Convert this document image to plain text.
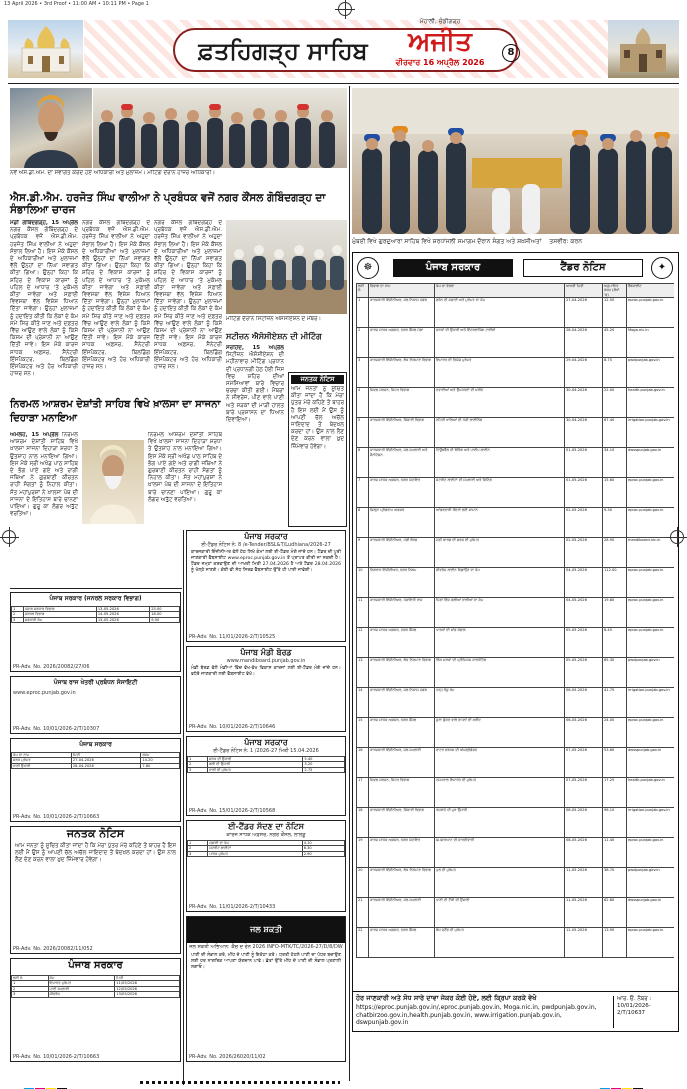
13 April 2026 • 3rd Proof • 11:00 AM • 10:11 PM • Page 1
ਫ਼ਤਹਿਗੜ੍ਹ ਸਾਹਿਬ	ਅਜੀਤ
ਮੋਹਾਲੀ, ਚੰਡੀਗੜ੍ਹ
ਵੀਰਵਾਰ 16 ਅਪ੍ਰੈਲ 2026
8
ਨਵੇਂ ਐਸ.ਡੀ.ਐਮ. ਦਾ ਸਵਾਗਤ ਕਰਦੇ ਹੋਏ ਅਧਿਕਾਰੀ ਅਤੇ ਮੁਲਾਜ਼ਮ। ਮੀਟਿੰਗ ਦੌਰਾਨ ਹਾਜ਼ਰ ਅਧਿਕਾਰੀ।
ਐਸ.ਡੀ.ਐਮ. ਹਰਜੋਤ ਸਿੰਘ ਵਾਲੀਆ ਨੇ ਪ੍ਰਬੰਧਕ ਵਜੋਂ ਨਗਰ ਕੌਂਸਲ ਗੋਬਿੰਦਗੜ੍ਹ ਦਾ ਸੰਭਾਲਿਆ ਚਾਰਜ
ਮੰਡੀ ਗੋਬਿੰਦਗੜ੍ਹ, 15 ਅਪ੍ਰੈਲ ਨਗਰ ਕੌਂਸਲ ਗੋਬਿੰਦਗੜ੍ਹ ਦੇ ਪ੍ਰਬੰਧਕ ਵਜੋਂ ਐਸ.ਡੀ.ਐਮ. ਹਰਜੋਤ ਸਿੰਘ ਵਾਲੀਆ ਨੇ ਅਹੁਦਾ ਸੰਭਾਲ ਲਿਆ ਹੈ। ਇਸ ਮੌਕੇ ਕੌਂਸਲ ਦੇ ਅਧਿਕਾਰੀਆਂ ਅਤੇ ਮੁਲਾਜ਼ਮਾਂ ਵੱਲੋਂ ਉਨ੍ਹਾਂ ਦਾ ਨਿੱਘਾ ਸਵਾਗਤ ਕੀਤਾ ਗਿਆ। ਉਨ੍ਹਾਂ ਕਿਹਾ ਕਿ ਸ਼ਹਿਰ ਦੇ ਵਿਕਾਸ ਕਾਰਜਾਂ ਨੂੰ ਪਹਿਲ ਦੇ ਆਧਾਰ 'ਤੇ ਮੁਕੰਮਲ ਕੀਤਾ ਜਾਵੇਗਾ ਅਤੇ ਸਫ਼ਾਈ ਵਿਵਸਥਾ ਵੱਲ ਵਿਸ਼ੇਸ਼ ਧਿਆਨ ਦਿੱਤਾ ਜਾਵੇਗਾ। ਉਨ੍ਹਾਂ ਮੁਲਾਜ਼ਮਾਂ ਨੂੰ ਹਦਾਇਤ ਕੀਤੀ ਕਿ ਲੋਕਾਂ ਦੇ ਕੰਮ ਸਮੇਂ ਸਿਰ ਕੀਤੇ ਜਾਣ ਅਤੇ ਦਫ਼ਤਰ ਵਿੱਚ ਆਉਣ ਵਾਲੇ ਲੋਕਾਂ ਨੂੰ ਕਿਸੇ ਕਿਸਮ ਦੀ ਪ੍ਰੇਸ਼ਾਨੀ ਨਾ ਆਉਣ ਦਿੱਤੀ ਜਾਵੇ। ਇਸ ਮੌਕੇ ਕਾਰਜ ਸਾਧਕ ਅਫ਼ਸਰ, ਸੈਨੇਟਰੀ ਇੰਸਪੈਕਟਰ, ਬਿਲਡਿੰਗ ਇੰਸਪੈਕਟਰ ਅਤੇ ਹੋਰ ਅਧਿਕਾਰੀ ਹਾਜ਼ਰ ਸਨ।
ਨਗਰ ਕੌਂਸਲ ਗੋਬਿੰਦਗੜ੍ਹ ਦੇ ਪ੍ਰਬੰਧਕ ਵਜੋਂ ਐਸ.ਡੀ.ਐਮ. ਹਰਜੋਤ ਸਿੰਘ ਵਾਲੀਆ ਨੇ ਅਹੁਦਾ ਸੰਭਾਲ ਲਿਆ ਹੈ। ਇਸ ਮੌਕੇ ਕੌਂਸਲ ਦੇ ਅਧਿਕਾਰੀਆਂ ਅਤੇ ਮੁਲਾਜ਼ਮਾਂ ਵੱਲੋਂ ਉਨ੍ਹਾਂ ਦਾ ਨਿੱਘਾ ਸਵਾਗਤ ਕੀਤਾ ਗਿਆ। ਉਨ੍ਹਾਂ ਕਿਹਾ ਕਿ ਸ਼ਹਿਰ ਦੇ ਵਿਕਾਸ ਕਾਰਜਾਂ ਨੂੰ ਪਹਿਲ ਦੇ ਆਧਾਰ 'ਤੇ ਮੁਕੰਮਲ ਕੀਤਾ ਜਾਵੇਗਾ ਅਤੇ ਸਫ਼ਾਈ ਵਿਵਸਥਾ ਵੱਲ ਵਿਸ਼ੇਸ਼ ਧਿਆਨ ਦਿੱਤਾ ਜਾਵੇਗਾ। ਉਨ੍ਹਾਂ ਮੁਲਾਜ਼ਮਾਂ ਨੂੰ ਹਦਾਇਤ ਕੀਤੀ ਕਿ ਲੋਕਾਂ ਦੇ ਕੰਮ ਸਮੇਂ ਸਿਰ ਕੀਤੇ ਜਾਣ ਅਤੇ ਦਫ਼ਤਰ ਵਿੱਚ ਆਉਣ ਵਾਲੇ ਲੋਕਾਂ ਨੂੰ ਕਿਸੇ ਕਿਸਮ ਦੀ ਪ੍ਰੇਸ਼ਾਨੀ ਨਾ ਆਉਣ ਦਿੱਤੀ ਜਾਵੇ। ਇਸ ਮੌਕੇ ਕਾਰਜ ਸਾਧਕ ਅਫ਼ਸਰ, ਸੈਨੇਟਰੀ ਇੰਸਪੈਕਟਰ, ਬਿਲਡਿੰਗ ਇੰਸਪੈਕਟਰ ਅਤੇ ਹੋਰ ਅਧਿਕਾਰੀ ਹਾਜ਼ਰ ਸਨ।
ਨਗਰ ਕੌਂਸਲ ਗੋਬਿੰਦਗੜ੍ਹ ਦੇ ਪ੍ਰਬੰਧਕ ਵਜੋਂ ਐਸ.ਡੀ.ਐਮ. ਹਰਜੋਤ ਸਿੰਘ ਵਾਲੀਆ ਨੇ ਅਹੁਦਾ ਸੰਭਾਲ ਲਿਆ ਹੈ। ਇਸ ਮੌਕੇ ਕੌਂਸਲ ਦੇ ਅਧਿਕਾਰੀਆਂ ਅਤੇ ਮੁਲਾਜ਼ਮਾਂ ਵੱਲੋਂ ਉਨ੍ਹਾਂ ਦਾ ਨਿੱਘਾ ਸਵਾਗਤ ਕੀਤਾ ਗਿਆ। ਉਨ੍ਹਾਂ ਕਿਹਾ ਕਿ ਸ਼ਹਿਰ ਦੇ ਵਿਕਾਸ ਕਾਰਜਾਂ ਨੂੰ ਪਹਿਲ ਦੇ ਆਧਾਰ 'ਤੇ ਮੁਕੰਮਲ ਕੀਤਾ ਜਾਵੇਗਾ ਅਤੇ ਸਫ਼ਾਈ ਵਿਵਸਥਾ ਵੱਲ ਵਿਸ਼ੇਸ਼ ਧਿਆਨ ਦਿੱਤਾ ਜਾਵੇਗਾ। ਉਨ੍ਹਾਂ ਮੁਲਾਜ਼ਮਾਂ ਨੂੰ ਹਦਾਇਤ ਕੀਤੀ ਕਿ ਲੋਕਾਂ ਦੇ ਕੰਮ ਸਮੇਂ ਸਿਰ ਕੀਤੇ ਜਾਣ ਅਤੇ ਦਫ਼ਤਰ ਵਿੱਚ ਆਉਣ ਵਾਲੇ ਲੋਕਾਂ ਨੂੰ ਕਿਸੇ ਕਿਸਮ ਦੀ ਪ੍ਰੇਸ਼ਾਨੀ ਨਾ ਆਉਣ ਦਿੱਤੀ ਜਾਵੇ। ਇਸ ਮੌਕੇ ਕਾਰਜ ਸਾਧਕ ਅਫ਼ਸਰ, ਸੈਨੇਟਰੀ ਇੰਸਪੈਕਟਰ, ਬਿਲਡਿੰਗ ਇੰਸਪੈਕਟਰ ਅਤੇ ਹੋਰ ਅਧਿਕਾਰੀ ਹਾਜ਼ਰ ਸਨ।
ਮੀਟਿੰਗ ਦੌਰਾਨ ਸਿਟੀਜ਼ਨ ਐਸੋਸੀਏਸ਼ਨ ਦੇ ਮੈਂਬਰ।
ਸਟੀਜ਼ਨ ਐਸੋਸੀਏਸ਼ਨ ਦੀ ਮੀਟਿੰਗ
ਸਰਹਿੰਦ, 15 ਅਪ੍ਰੈਲ ਸਿਟੀਜ਼ਨ ਐਸੋਸੀਏਸ਼ਨ ਦੀ ਮਹੀਨਾਵਾਰ ਮੀਟਿੰਗ ਪ੍ਰਧਾਨ ਦੀ ਪ੍ਰਧਾਨਗੀ ਹੇਠ ਹੋਈ ਜਿਸ ਵਿਚ ਸ਼ਹਿਰ ਦੀਆਂ ਸਮੱਸਿਆਵਾਂ ਬਾਰੇ ਵਿਚਾਰ ਚਰਚਾ ਕੀਤੀ ਗਈ। ਮੈਂਬਰਾਂ ਨੇ ਸੀਵਰੇਜ, ਪੀਣ ਵਾਲੇ ਪਾਣੀ ਅਤੇ ਸੜਕਾਂ ਦੀ ਮਾੜੀ ਹਾਲਤ ਬਾਰੇ ਪ੍ਰਸ਼ਾਸਨ ਦਾ ਧਿਆਨ ਦਿਵਾਇਆ।
ਜਨਤਕ ਨੋਟਿਸ
ਆਮ ਜਨਤਾ ਨੂੰ ਸੂਚਿਤ ਕੀਤਾ ਜਾਂਦਾ ਹੈ ਕਿ ਮੇਰਾ ਪੁੱਤਰ ਮੇਰੇ ਕਹਿਣੇ ਤੋਂ ਬਾਹਰ ਹੈ ਇਸ ਲਈ ਮੈਂ ਉਸ ਨੂੰ ਆਪਣੀ ਚੱਲ ਅਚੱਲ ਜਾਇਦਾਦ ਤੋਂ ਬੇਦਖ਼ਲ ਕਰਦਾ ਹਾਂ। ਉਸ ਨਾਲ ਲੈਣ ਦੇਣ ਕਰਨ ਵਾਲਾ ਖ਼ੁਦ ਜ਼ਿੰਮੇਵਾਰ ਹੋਵੇਗਾ।
ਨਿਰਮਲ ਆਸ਼ਰਮ ਦੇਸ਼ਾਂਤੀ ਸਾਹਿਬ ਵਿਖੇ ਖ਼ਾਲਸਾ ਦਾ ਸਾਜਨਾ ਦਿਹਾੜਾ ਮਨਾਇਆ
ਅਮਲੋਹ, 15 ਅਪ੍ਰੈਲ ਨਿਰਮਲ ਆਸ਼ਰਮ ਦੇਸ਼ਾਂਤੀ ਸਾਹਿਬ ਵਿਖੇ ਖ਼ਾਲਸਾ ਸਾਜਨਾ ਦਿਹਾੜਾ ਸ਼ਰਧਾ ਤੇ ਉਤਸ਼ਾਹ ਨਾਲ ਮਨਾਇਆ ਗਿਆ। ਇਸ ਮੌਕੇ ਸ੍ਰੀ ਅਖੰਡ ਪਾਠ ਸਾਹਿਬ ਦੇ ਭੋਗ ਪਾਏ ਗਏ ਅਤੇ ਰਾਗੀ ਜਥਿਆਂ ਨੇ ਗੁਰਬਾਣੀ ਕੀਰਤਨ ਰਾਹੀਂ ਸੰਗਤਾਂ ਨੂੰ ਨਿਹਾਲ ਕੀਤਾ। ਸੰਤ ਮਹਾਂਪੁਰਸ਼ਾਂ ਨੇ ਖ਼ਾਲਸਾ ਪੰਥ ਦੀ ਸਾਜਨਾ ਦੇ ਇਤਿਹਾਸ ਬਾਰੇ ਚਾਨਣਾ ਪਾਇਆ। ਗੁਰੂ ਕਾ ਲੰਗਰ ਅਤੁੱਟ ਵਰਤਿਆ।
ਨਿਰਮਲ ਆਸ਼ਰਮ ਦੇਸ਼ਾਂਤੀ ਸਾਹਿਬ ਵਿਖੇ ਖ਼ਾਲਸਾ ਸਾਜਨਾ ਦਿਹਾੜਾ ਸ਼ਰਧਾ ਤੇ ਉਤਸ਼ਾਹ ਨਾਲ ਮਨਾਇਆ ਗਿਆ। ਇਸ ਮੌਕੇ ਸ੍ਰੀ ਅਖੰਡ ਪਾਠ ਸਾਹਿਬ ਦੇ ਭੋਗ ਪਾਏ ਗਏ ਅਤੇ ਰਾਗੀ ਜਥਿਆਂ ਨੇ ਗੁਰਬਾਣੀ ਕੀਰਤਨ ਰਾਹੀਂ ਸੰਗਤਾਂ ਨੂੰ ਨਿਹਾਲ ਕੀਤਾ। ਸੰਤ ਮਹਾਂਪੁਰਸ਼ਾਂ ਨੇ ਖ਼ਾਲਸਾ ਪੰਥ ਦੀ ਸਾਜਨਾ ਦੇ ਇਤਿਹਾਸ ਬਾਰੇ ਚਾਨਣਾ ਪਾਇਆ। ਗੁਰੂ ਕਾ ਲੰਗਰ ਅਤੁੱਟ ਵਰਤਿਆ।
ਪੰਜਾਬ ਸਰਕਾਰ (ਜਨਰਲ ਸਰਕਾਰ ਵਿਭਾਗ)
1	ਪੰਜਾਬ ਸਰਕਾਰ ਵਿਭਾਗ	13-05-2026	25.00
2	ਜਨਰਲ ਵਿਭਾਗ	14-05-2026	18.00
3	ਸਰਕਾਰੀ ਕੰਮ	15-05-2026	9.50
PR-Adv. No. 2026/20082/27/06
ਪੰਜਾਬ ਰਾਜ ਖੇਤਰੀ ਪ੍ਰਬੰਧਨ ਸੋਸਾਇਟੀ
www.eproc.punjab.gov.in
PR-Adv. No. 10/01/2026-2/T/10307
ਪੰਜਾਬ ਸਰਕਾਰ
ਕੰਮ ਦਾ ਨਾਮ	ਮਿਤੀ	ਰਕਮ
ਸੜਕ ਮੁਰੰਮਤ	27-04-2026	14.20
ਨਾਲੀ ਉਸਾਰੀ	28-04-2026	7.80
PR-Adv. No. 10/01/2026-2/T/10663
ਜਨਤਕ ਨੋਟਿਸ
ਆਮ ਜਨਤਾ ਨੂੰ ਸੂਚਿਤ ਕੀਤਾ ਜਾਂਦਾ ਹੈ ਕਿ ਮੇਰਾ ਪੁੱਤਰ ਮੇਰੇ ਕਹਿਣੇ ਤੋਂ ਬਾਹਰ ਹੈ ਇਸ ਲਈ ਮੈਂ ਉਸ ਨੂੰ ਆਪਣੀ ਚੱਲ ਅਚੱਲ ਜਾਇਦਾਦ ਤੋਂ ਬੇਦਖ਼ਲ ਕਰਦਾ ਹਾਂ। ਉਸ ਨਾਲ ਲੈਣ ਦੇਣ ਕਰਨ ਵਾਲਾ ਖ਼ੁਦ ਜ਼ਿੰਮੇਵਾਰ ਹੋਵੇਗਾ।
PR-Adv. No. 2026/20082/11/052
ਪੰਜਾਬ ਸਰਕਾਰ
ਲੜੀ ਨੰ.	ਕੰਮ	ਮਿਤੀ
1	ਇਮਾਰਤ ਮੁਰੰਮਤ	11/05/2026
2	ਪਾਣੀ ਸਪਲਾਈ	12/05/2026
3	ਸੀਵਰੇਜ	13/05/2026
PR-Adv. No. 10/01/2026-2/T/10663
ਪੰਜਾਬ ਸਰਕਾਰ
ਈ-ਟੈਂਡਰ ਨੋਟਿਸ ਨੰ: 8 /e-Tender/BSL&T/Ludhiana/2026-27
ਕਾਰਜਕਾਰੀ ਇੰਜੀਨੀਅਰ ਵੱਲੋਂ ਹੇਠ ਲਿਖੇ ਕੰਮਾਂ ਲਈ ਈ-ਟੈਂਡਰ ਮੰਗੇ ਜਾਂਦੇ ਹਨ। ਟੈਂਡਰ ਦੀ ਪੂਰੀ ਜਾਣਕਾਰੀ ਵੈੱਬਸਾਈਟ www.eproc.punjab.gov.in ਤੋਂ ਪ੍ਰਾਪਤ ਕੀਤੀ ਜਾ ਸਕਦੀ ਹੈ। ਟੈਂਡਰ ਜਮ੍ਹਾਂ ਕਰਵਾਉਣ ਦੀ ਆਖਰੀ ਮਿਤੀ 27.04.2026 ਹੈ ਅਤੇ ਟੈਂਡਰ 28.04.2026 ਨੂੰ ਖੋਲ੍ਹੇ ਜਾਣਗੇ। ਕੋਈ ਵੀ ਸੋਧ ਸਿਰਫ਼ ਵੈੱਬਸਾਈਟ ਉੱਤੇ ਹੀ ਪਾਈ ਜਾਵੇਗੀ।
PR-Adv. No. 11/01/2026-2/T/10525
ਪੰਜਾਬ ਮੰਡੀ ਬੋਰਡ
www.mandiboard.punjab.gov.in
ਮੰਡੀ ਬੋਰਡ ਵੱਲੋਂ ਮੰਡੀਆਂ ਵਿੱਚ ਵੱਖ-ਵੱਖ ਵਿਕਾਸ ਕਾਰਜਾਂ ਲਈ ਈ-ਟੈਂਡਰ ਮੰਗੇ ਜਾਂਦੇ ਹਨ। ਵਧੇਰੇ ਜਾਣਕਾਰੀ ਲਈ ਵੈੱਬਸਾਈਟ ਵੇਖੋ।
PR-Adv. No. 10/01/2026-2/T/10646
ਪੰਜਾਬ ਸਰਕਾਰ
ਈ-ਟੈਂਡਰ ਨੋਟਿਸ ਨੰ: 1 /2026-27 ਮਿਤੀ 15.04.2026
1	ਸੜਕ ਦੀ ਉਸਾਰੀ	5.40
2	ਗਲੀ ਦੀ ਉਸਾਰੀ	3.20
3	ਨਾਲੀ ਦੀ ਮੁਰੰਮਤ	2.75
PR-Adv. No. 15/01/2026-2/T/10568
ਈ-ਟੈਂਡਰ ਸੱਦਣ ਦਾ ਨੋਟਿਸ
ਕਾਰਜ ਸਾਧਕ ਅਫ਼ਸਰ, ਨਗਰ ਕੌਂਸਲ, ਲਾਲੜੂ
1	ਸਫ਼ਾਈ ਦਾ ਕੰਮ	4.10
2	ਸਟਰੀਟ ਲਾਈਟਾਂ	6.30
3	ਪਾਰਕ ਮੁਰੰਮਤ	2.90
PR-Adv. No. 11/01/2026-2/T/10433
ਜਲ ਸ਼ਕਤੀ
ਜਲ ਸ਼ਕਤੀ ਅਭਿਆਨ: ਕੈਚ ਦ ਰੇਨ 2026 INFO-MTK/TC/2026-27/D/8/DW
ਪਾਣੀ ਦੀ ਸੰਭਾਲ ਕਰੋ, ਮੀਂਹ ਦੇ ਪਾਣੀ ਨੂੰ ਇਕੱਠਾ ਕਰੋ। ਧਰਤੀ ਹੇਠਲੇ ਪਾਣੀ ਦਾ ਪੱਧਰ ਬਚਾਉਣ ਲਈ ਹਰ ਨਾਗਰਿਕ ਆਪਣਾ ਯੋਗਦਾਨ ਪਾਵੇ। ਛੱਤਾਂ ਉੱਤੇ ਮੀਂਹ ਦੇ ਪਾਣੀ ਦੀ ਸੰਭਾਲ ਪ੍ਰਣਾਲੀ ਲਗਾਓ।
PR-Adv. No. 2026/26020/11/02
ਮੁੰਬਈ ਵਿਖੇ ਗੁਰਦੁਆਰਾ ਸਾਹਿਬ ਵਿਖੇ ਸ਼ਰਧਾਂਜਲੀ ਸਮਾਗਮ ਦੌਰਾਨ ਸੰਗਤ ਅਤੇ ਸ਼ਖ਼ਸੀਅਤਾਂ ਤਸਵੀਰ: ਕਰਨ
☸	ਪੰਜਾਬ ਸਰਕਾਰ	ਟੈਂਡਰ ਨੋਟਿਸ	✦
ਲੜੀ ਨੰ.	ਵਿਭਾਗ ਦਾ ਨਾਮ	ਕੰਮ ਦਾ ਵੇਰਵਾ	ਆਖਰੀ ਮਿਤੀ	ਅਨੁਮਾਨਿਤ ਰਕਮ (ਲੱਖਾਂ 'ਚ)	ਵੈੱਬਸਾਈਟ
1	ਕਾਰਜਕਾਰੀ ਇੰਜੀਨੀਅਰ, ਜਲ ਨਿਕਾਸ ਮੰਡਲ	ਡਰੇਨ ਦੀ ਸਫ਼ਾਈ ਅਤੇ ਮੁਰੰਮਤ ਦਾ ਕੰਮ	27-04-2026	12.50	eproc.punjab.gov.in
2	ਕਾਰਜ ਸਾਧਕ ਅਫ਼ਸਰ, ਨਗਰ ਕੌਂਸਲ ਮੋਗਾ	ਸੜਕਾਂ ਦੀ ਉਸਾਰੀ ਅਤੇ ਇੰਟਰਲਾਕਿੰਗ ਟਾਈਲਾਂ	28-04-2026	45.20	Moga.nic.in
3	ਕਾਰਜਕਾਰੀ ਇੰਜੀਨੀਅਰ, ਲੋਕ ਨਿਰਮਾਣ ਵਿਭਾਗ	ਇਮਾਰਤ ਦੀ ਵਿਸ਼ੇਸ਼ ਮੁਰੰਮਤ	29-04-2026	8.75	pwdpunjab.gov.in
4	ਸਿਵਲ ਸਰਜਨ, ਸਿਹਤ ਵਿਭਾਗ	ਦਵਾਈਆਂ ਅਤੇ ਉਪਕਰਣਾਂ ਦੀ ਖ਼ਰੀਦ	30-04-2026	22.00	health.punjab.gov.in
5	ਕਾਰਜਕਾਰੀ ਇੰਜੀਨੀਅਰ, ਸਿੰਚਾਈ ਵਿਭਾਗ	ਨਹਿਰੀ ਖਾਲਿਆਂ ਦੀ ਪੱਕੀ ਲਾਈਨਿੰਗ	30-04-2026	67.40	irrigation.punjab.gov.in
6	ਕਾਰਜਕਾਰੀ ਇੰਜੀਨੀਅਰ, ਜਲ ਸਪਲਾਈ ਅਤੇ ਸੈਨੀਟੇਸ਼ਨ	ਟਿਊਬਵੈੱਲ ਦੀ ਬੋਰਿੰਗ ਅਤੇ ਪਾਈਪ ਲਾਈਨ	01-05-2026	34.10	dwsspunjab.gov.in
7	ਕਾਰਜ ਸਾਧਕ ਅਫ਼ਸਰ, ਨਗਰ ਪੰਚਾਇਤ	ਸਟਰੀਟ ਲਾਈਟਾਂ ਦੀ ਸਪਲਾਈ ਅਤੇ ਫਿਟਿੰਗ	01-05-2026	15.60	eproc.punjab.gov.in
8	ਜ਼ਿਲ੍ਹਾ ਪ੍ਰੋਗਰਾਮ ਅਫ਼ਸਰ	ਆਂਗਣਵਾੜੀ ਕੇਂਦਰਾਂ ਲਈ ਸਾਮਾਨ	02-05-2026	9.30	eproc.punjab.gov.in
9	ਕਾਰਜਕਾਰੀ ਇੰਜੀਨੀਅਰ, ਮੰਡੀ ਬੋਰਡ	ਮੰਡੀ ਯਾਰਡ ਦੀ ਫ਼ਰਸ਼ ਦੀ ਮੁਰੰਮਤ	02-05-2026	28.90	mandiboard.nic.in
10	ਨਿਗਰਾਨ ਇੰਜੀਨੀਅਰ, ਨਗਰ ਨਿਗਮ	ਸੀਵਰੇਜ ਲਾਈਨ ਵਿਛਾਉਣ ਦਾ ਕੰਮ	04-05-2026	112.00	eproc.punjab.gov.in
11	ਕਾਰਜਕਾਰੀ ਇੰਜੀਨੀਅਰ, ਪੰਚਾਇਤੀ ਰਾਜ	ਪਿੰਡਾਂ ਵਿੱਚ ਗਲੀਆਂ ਨਾਲੀਆਂ ਦਾ ਕੰਮ	04-05-2026	19.80	eproc.punjab.gov.in
12	ਕਾਰਜ ਸਾਧਕ ਅਫ਼ਸਰ, ਨਗਰ ਕੌਂਸਲ	ਪਾਰਕਾਂ ਦੀ ਸਾਂਭ ਸੰਭਾਲ	05-05-2026	6.45	eproc.punjab.gov.in
13	ਕਾਰਜਕਾਰੀ ਇੰਜੀਨੀਅਰ, ਲੋਕ ਨਿਰਮਾਣ ਵਿਭਾਗ	ਲਿੰਕ ਸੜਕਾਂ ਦੀ ਪ੍ਰੀਮਿਕਸ ਕਾਰਪੈਟਿੰਗ	05-05-2026	85.30	pwdpunjab.gov.in
14	ਕਾਰਜਕਾਰੀ ਇੰਜੀਨੀਅਰ, ਜਲ ਨਿਕਾਸ ਮੰਡਲ	ਹੜ੍ਹ ਰੋਕੂ ਕੰਮ	06-05-2026	41.75	irrigation.punjab.gov.in
15	ਕਾਰਜ ਸਾਧਕ ਅਫ਼ਸਰ, ਨਗਰ ਕੌਂਸਲ	ਕੂੜਾ ਚੁੱਕਣ ਵਾਲੇ ਵਾਹਨਾਂ ਦੀ ਖ਼ਰੀਦ	06-05-2026	24.00	eproc.punjab.gov.in
16	ਕਾਰਜਕਾਰੀ ਇੰਜੀਨੀਅਰ, ਜਲ ਸਪਲਾਈ	ਵਾਟਰ ਵਰਕਸ ਦੀ ਅੱਪਗ੍ਰੇਡੇਸ਼ਨ	07-05-2026	53.60	dwsspunjab.gov.in
17	ਸਿਵਲ ਸਰਜਨ, ਸਿਹਤ ਵਿਭਾਗ	ਹਸਪਤਾਲ ਇਮਾਰਤ ਦੀ ਮੁਰੰਮਤ	07-05-2026	17.25	health.punjab.gov.in
18	ਕਾਰਜਕਾਰੀ ਇੰਜੀਨੀਅਰ, ਸਿੰਚਾਈ ਵਿਭਾਗ	ਰਜਬਾਹੇ ਦੀ ਮੁੜ ਉਸਾਰੀ	08-05-2026	96.10	irrigation.punjab.gov.in
19	ਕਾਰਜ ਸਾਧਕ ਅਫ਼ਸਰ, ਨਗਰ ਪੰਚਾਇਤ	ਸ਼ਮਸ਼ਾਨਘਾਟ ਦੀ ਚਾਰਦੀਵਾਰੀ	08-05-2026	11.40	eproc.punjab.gov.in
20	ਕਾਰਜਕਾਰੀ ਇੰਜੀਨੀਅਰ, ਲੋਕ ਨਿਰਮਾਣ ਵਿਭਾਗ	ਪੁਲ ਦੀ ਮੁਰੰਮਤ	11-05-2026	38.70	pwdpunjab.gov.in
21	ਕਾਰਜਕਾਰੀ ਇੰਜੀਨੀਅਰ, ਜਲ ਸਪਲਾਈ	ਪਾਣੀ ਦੀ ਟੈਂਕੀ ਦੀ ਉਸਾਰੀ	11-05-2026	62.80	dwsspunjab.gov.in
22	ਕਾਰਜ ਸਾਧਕ ਅਫ਼ਸਰ, ਨਗਰ ਕੌਂਸਲ	ਬੱਸ ਸਟੈਂਡ ਦੀ ਮੁਰੰਮਤ	12-05-2026	13.90	eproc.punjab.gov.in
ਹੋਰ ਜਾਣਕਾਰੀ ਅਤੇ ਸੋਧ ਸਾਰੇ ਦਾਵਾ ਜੇਕਰ ਕੋਈ ਹੋਏ, ਲਈ ਕ੍ਰਿਪਾ ਕਰਕੇ ਵੇਖੋ
https://eproc.punjab.gov.in/,eproc.punjab.gov.in, Moga.nic.in, pwdpunjab.gov.in, chatbirzoo.gov.in,health.punjab.gov.in, www.irrigation.punjab.gov.in, dswpunjab.gov.in
ਆਰ. ਓ. ਨੰਬਰ :
10/01/2026-2/T/10637
